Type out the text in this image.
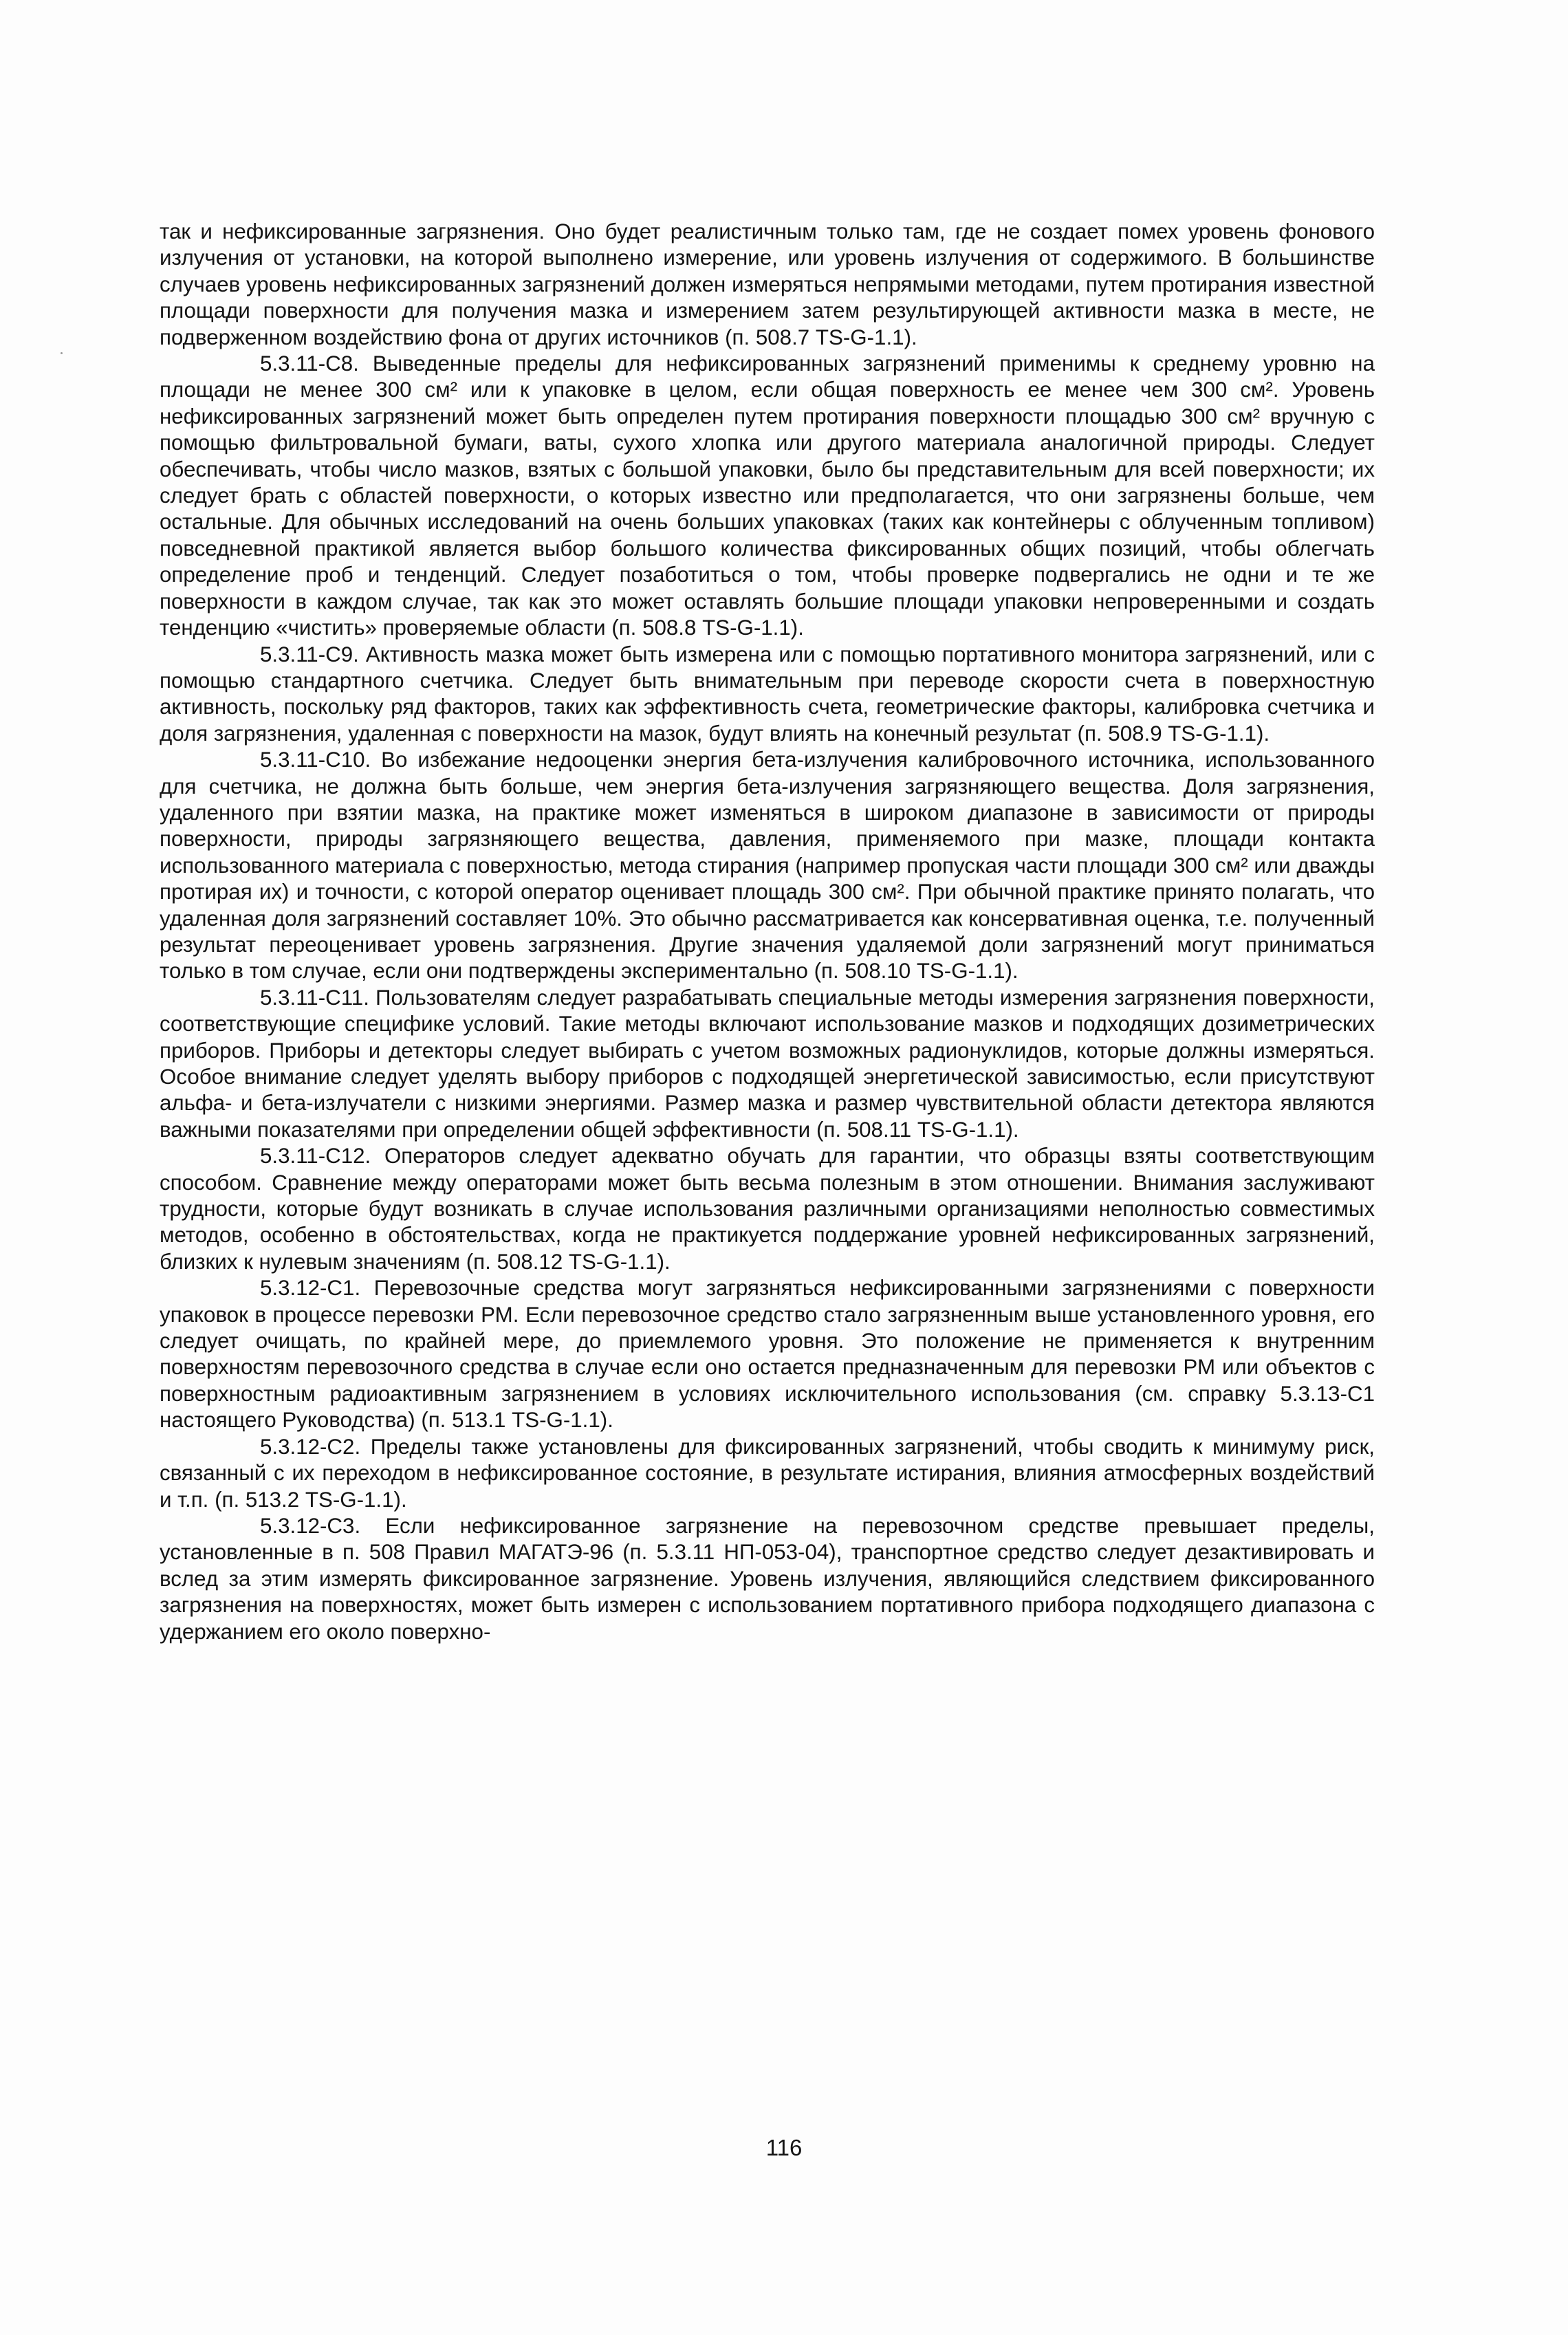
так и нефиксированные загрязнения. Оно будет реалистичным только там, где не создает помех уровень фонового излучения от установки, на которой выполнено измерение, или уровень излучения от содержимого. В большинстве случаев уровень нефиксированных загрязнений должен измеряться непрямыми методами, путем протирания известной площади поверхности для получения мазка и измерением затем результирующей активности мазка в месте, не подверженном воздействию фона от других источников (п. 508.7 TS-G-1.1).

5.3.11-С8. Выведенные пределы для нефиксированных загрязнений применимы к среднему уровню на площади не менее 300 см² или к упаковке в целом, если общая поверхность ее менее чем 300 см². Уровень нефиксированных загрязнений может быть определен путем протирания поверхности площадью 300 см² вручную с помощью фильтровальной бумаги, ваты, сухого хлопка или другого материала аналогичной природы. Следует обеспечивать, чтобы число мазков, взятых с большой упаковки, было бы представительным для всей поверхности; их следует брать с областей поверхности, о которых известно или предполагается, что они загрязнены больше, чем остальные. Для обычных исследований на очень больших упаковках (таких как контейнеры с облученным топливом) повседневной практикой является выбор большого количества фиксированных общих позиций, чтобы облегчать определение проб и тенденций. Следует позаботиться о том, чтобы проверке подвергались не одни и те же поверхности в каждом случае, так как это может оставлять большие площади упаковки непроверенными и создать тенденцию «чистить» проверяемые области (п. 508.8 TS-G-1.1).

5.3.11-С9. Активность мазка может быть измерена или с помощью портативного монитора загрязнений, или с помощью стандартного счетчика. Следует быть внимательным при переводе скорости счета в поверхностную активность, поскольку ряд факторов, таких как эффективность счета, геометрические факторы, калибровка счетчика и доля загрязнения, удаленная с поверхности на мазок, будут влиять на конечный результат (п. 508.9 TS-G-1.1).

5.3.11-С10. Во избежание недооценки энергия бета-излучения калибровочного источника, использованного для счетчика, не должна быть больше, чем энергия бета-излучения загрязняющего вещества. Доля загрязнения, удаленного при взятии мазка, на практике может изменяться в широком диапазоне в зависимости от природы поверхности, природы загрязняющего вещества, давления, применяемого при мазке, площади контакта использованного материала с поверхностью, метода стирания (например пропуская части площади 300 см² или дважды протирая их) и точности, с которой оператор оценивает площадь 300 см². При обычной практике принято полагать, что удаленная доля загрязнений составляет 10%. Это обычно рассматривается как консервативная оценка, т.е. полученный результат переоценивает уровень загрязнения. Другие значения удаляемой доли загрязнений могут приниматься только в том случае, если они подтверждены экспериментально (п. 508.10 TS-G-1.1).

5.3.11-С11. Пользователям следует разрабатывать специальные методы измерения загрязнения поверхности, соответствующие специфике условий. Такие методы включают использование мазков и подходящих дозиметрических приборов. Приборы и детекторы следует выбирать с учетом возможных радионуклидов, которые должны измеряться. Особое внимание следует уделять выбору приборов с подходящей энергетической зависимостью, если присутствуют альфа- и бета-излучатели с низкими энергиями. Размер мазка и размер чувствительной области детектора являются важными показателями при определении общей эффективности (п. 508.11 TS-G-1.1).

5.3.11-С12. Операторов следует адекватно обучать для гарантии, что образцы взяты соответствующим способом. Сравнение между операторами может быть весьма полезным в этом отношении. Внимания заслуживают трудности, которые будут возникать в случае использования различными организациями неполностью совместимых методов, особенно в обстоятельствах, когда не практикуется поддержание уровней нефиксированных загрязнений, близких к нулевым значениям (п. 508.12 TS-G-1.1).

5.3.12-С1. Перевозочные средства могут загрязняться нефиксированными загрязнениями с поверхности упаковок в процессе перевозки РМ. Если перевозочное средство стало загрязненным выше установленного уровня, его следует очищать, по крайней мере, до приемлемого уровня. Это положение не применяется к внутренним поверхностям перевозочного средства в случае если оно остается предназначенным для перевозки РМ или объектов с поверхностным радиоактивным загрязнением в условиях исключительного использования (см. справку 5.3.13-С1 настоящего Руководства) (п. 513.1 TS-G-1.1).

5.3.12-С2. Пределы также установлены для фиксированных загрязнений, чтобы сводить к минимуму риск, связанный с их переходом в нефиксированное состояние, в результате истирания, влияния атмосферных воздействий и т.п. (п. 513.2 TS-G-1.1).

5.3.12-С3. Если нефиксированное загрязнение на перевозочном средстве превышает пределы, установленные в п. 508 Правил МАГАТЭ-96 (п. 5.3.11 НП-053-04), транспортное средство следует дезактивировать и вслед за этим измерять фиксированное загрязнение. Уровень излучения, являющийся следствием фиксированного загрязнения на поверхностях, может быть измерен с использованием портативного прибора подходящего диапазона с удержанием его около поверхно-

116
